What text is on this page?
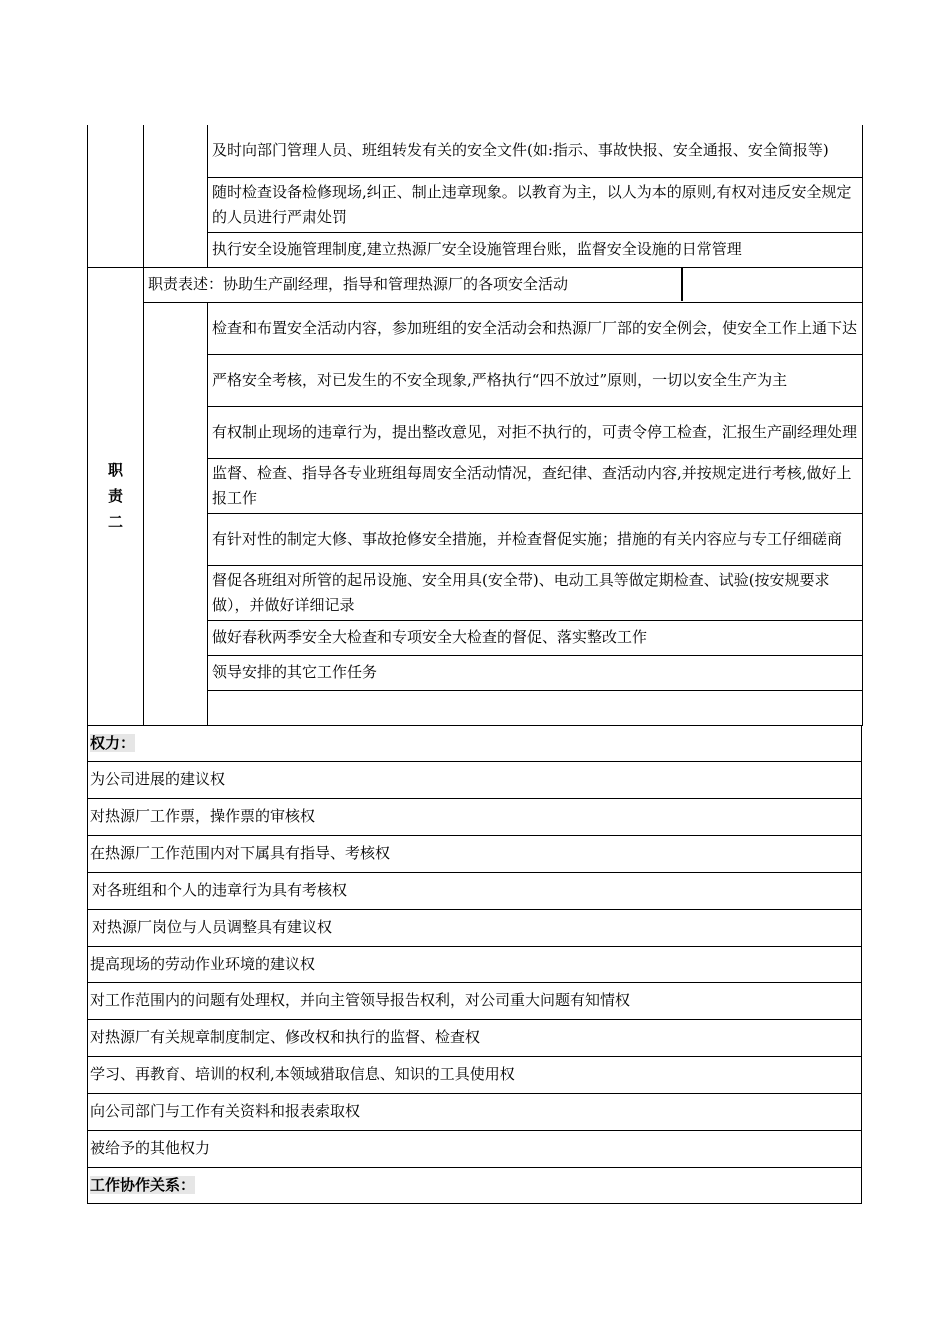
		及时向部门管理人员、班组转发有关的安全文件(如:指示、事故快报、安全通报、安全简报等)
		随时检查设备检修现场,纠正、制止违章现象。以教育为主，以人为本的原则,有权对违反安全规定的人员进行严肃处罚
		执行安全设施管理制度,建立热源厂安全设施管理台账，监督安全设施的日常管理

职
责
二	职责表述：协助生产副经理，指导和管理热源厂的各项安全活动	

		检查和布置安全活动内容，参加班组的安全活动会和热源厂厂部的安全例会，使安全工作上通下达
		严格安全考核，对已发生的不安全现象,严格执行“四不放过”原则，一切以安全生产为主
		有权制止现场的违章行为，提出整改意见，对拒不执行的，可责令停工检查，汇报生产副经理处理
		监督、检查、指导各专业班组每周安全活动情况，查纪律、查活动内容,并按规定进行考核,做好上报工作
		有针对性的制定大修、事故抢修安全措施，并检查督促实施；措施的有关内容应与专工仔细磋商
		督促各班组对所管的起吊设施、安全用具(安全带)、电动工具等做定期检查、试验(按安规要求做），并做好详细记录
		做好春秋两季安全大检查和专项安全大检查的督促、落实整改工作
		领导安排的其它工作任务

权力：
为公司进展的建议权
对热源厂工作票，操作票的审核权
在热源厂工作范围内对下属具有指导、考核权
对各班组和个人的违章行为具有考核权
对热源厂岗位与人员调整具有建议权
提高现场的劳动作业环境的建议权
对工作范围内的问题有处理权，并向主管领导报告权利，对公司重大问题有知情权
对热源厂有关规章制度制定、修改权和执行的监督、检查权
学习、再教育、培训的权利,本领域猎取信息、知识的工具使用权
向公司部门与工作有关资料和报表索取权
被给予的其他权力
工作协作关系：
